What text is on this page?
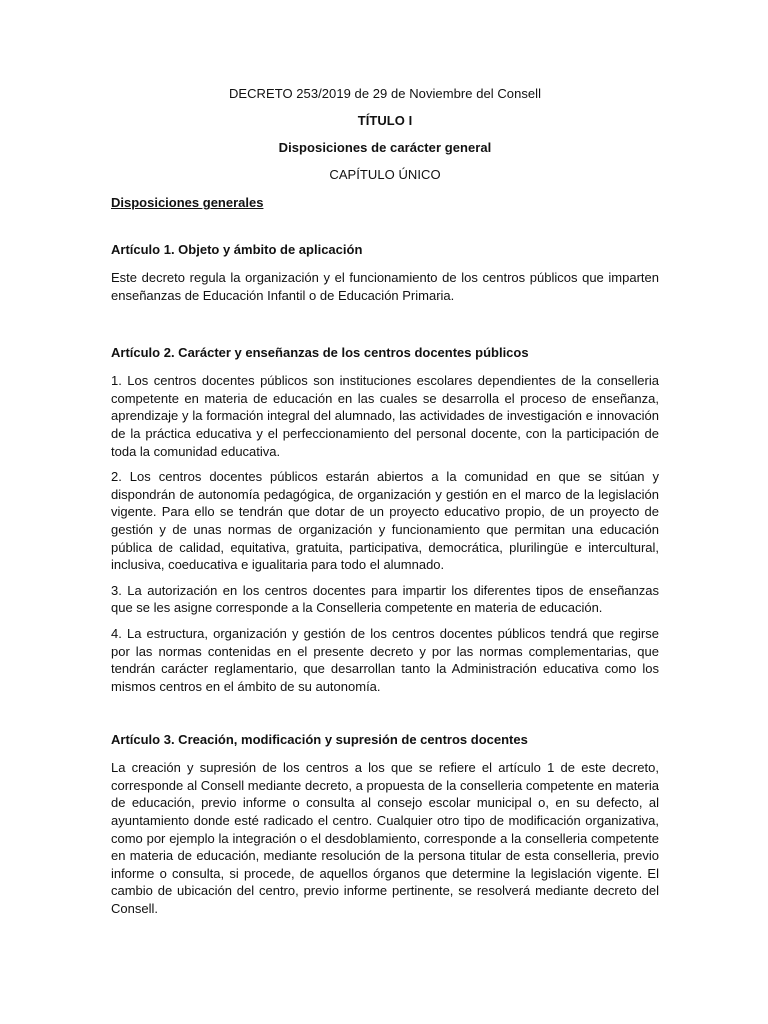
DECRETO 253/2019 de 29 de Noviembre del Consell
TÍTULO I
Disposiciones de carácter general
CAPÍTULO ÚNICO
Disposiciones generales
Artículo 1. Objeto y ámbito de aplicación

Este decreto regula la organización y el funcionamiento de los centros públicos que imparten enseñanzas de Educación Infantil o de Educación Primaria.

Artículo 2. Carácter y enseñanzas de los centros docentes públicos

1. Los centros docentes públicos son instituciones escolares dependientes de la conselleria competente en materia de educación en las cuales se desarrolla el proceso de enseñanza, aprendizaje y la formación integral del alumnado, las actividades de investigación e innovación de la práctica educativa y el perfeccionamiento del personal docente, con la participación de toda la comunidad educativa.

2. Los centros docentes públicos estarán abiertos a la comunidad en que se sitúan y dispondrán de autonomía pedagógica, de organización y gestión en el marco de la legislación vigente. Para ello se tendrán que dotar de un proyecto educativo propio, de un proyecto de gestión y de unas normas de organización y funcionamiento que permitan una educación pública de calidad, equitativa, gratuita, participativa, democrática, plurilingüe e intercultural, inclusiva, coeducativa e igualitaria para todo el alumnado.

3. La autorización en los centros docentes para impartir los diferentes tipos de enseñanzas que se les asigne corresponde a la Conselleria competente en materia de educación.

4. La estructura, organización y gestión de los centros docentes públicos tendrá que regirse por las normas contenidas en el presente decreto y por las normas complementarias, que tendrán carácter reglamentario, que desarrollan tanto la Administración educativa como los mismos centros en el ámbito de su autonomía.

Artículo 3. Creación, modificación y supresión de centros docentes

La creación y supresión de los centros a los que se refiere el artículo 1 de este decreto, corresponde al Consell mediante decreto, a propuesta de la conselleria competente en materia de educación, previo informe o consulta al consejo escolar municipal o, en su defecto, al ayuntamiento donde esté radicado el centro. Cualquier otro tipo de modificación organizativa, como por ejemplo la integración o el desdoblamiento, corresponde a la conselleria competente en materia de educación, mediante resolución de la persona titular de esta conselleria, previo informe o consulta, si procede, de aquellos órganos que determine la legislación vigente. El cambio de ubicación del centro, previo informe pertinente, se resolverá mediante decreto del Consell.
